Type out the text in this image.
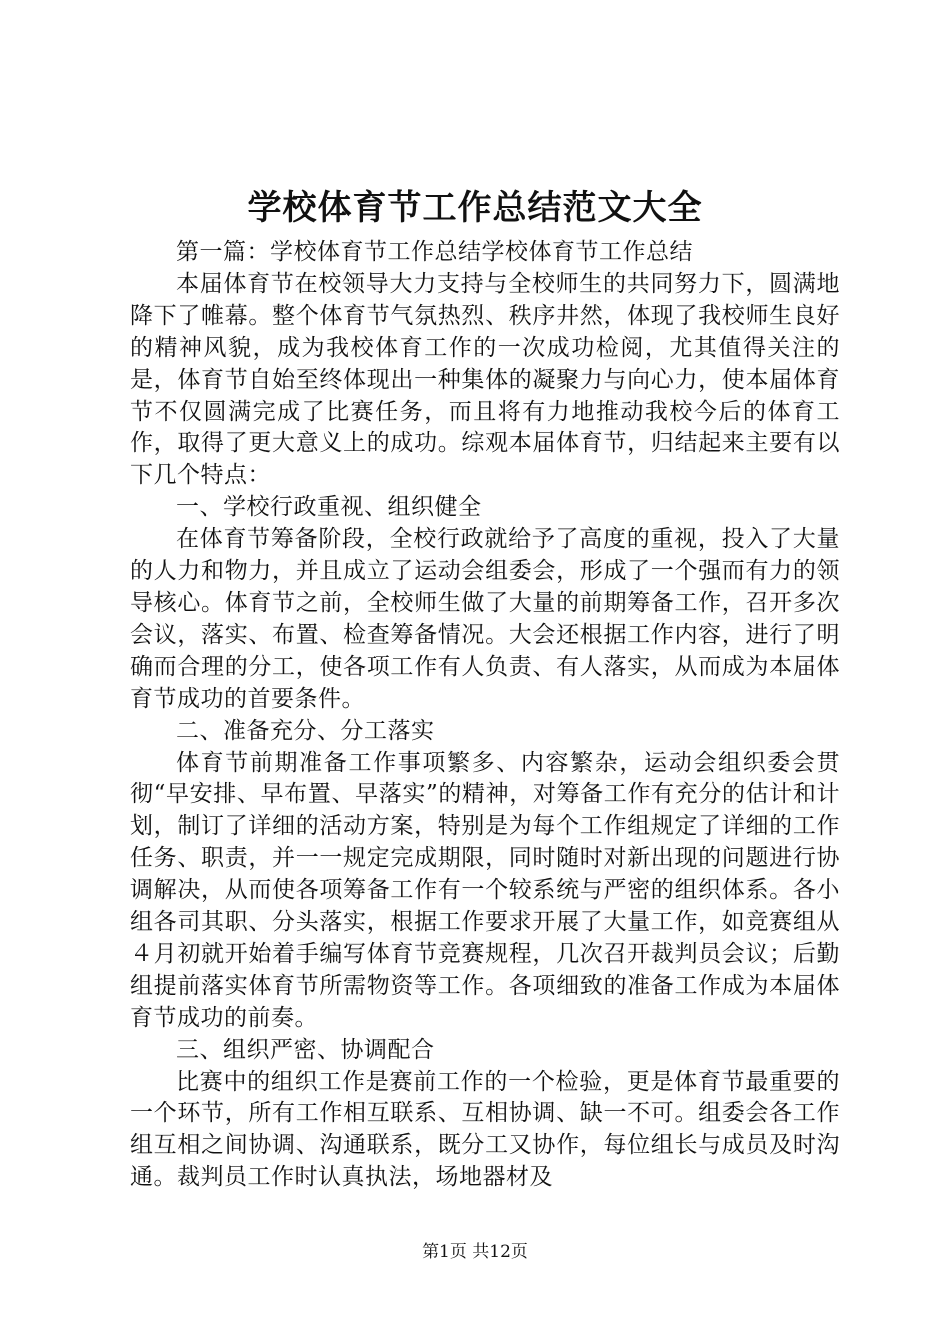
学校体育节工作总结范文大全

第一篇：学校体育节工作总结学校体育节工作总结

本届体育节在校领导大力支持与全校师生的共同努力下，圆满地降下了帷幕。整个体育节气氛热烈、秩序井然，体现了我校师生良好的精神风貌，成为我校体育工作的一次成功检阅，尤其值得关注的是，体育节自始至终体现出一种集体的凝聚力与向心力，使本届体育节不仅圆满完成了比赛任务，而且将有力地推动我校今后的体育工作，取得了更大意义上的成功。综观本届体育节，归结起来主要有以下几个特点：

一、学校行政重视、组织健全

在体育节筹备阶段，全校行政就给予了高度的重视，投入了大量的人力和物力，并且成立了运动会组委会，形成了一个强而有力的领导核心。体育节之前，全校师生做了大量的前期筹备工作，召开多次会议，落实、布置、检查筹备情况。大会还根据工作内容，进行了明确而合理的分工，使各项工作有人负责、有人落实，从而成为本届体育节成功的首要条件。

二、准备充分、分工落实

体育节前期准备工作事项繁多、内容繁杂，运动会组织委会贯彻“早安排、早布置、早落实”的精神，对筹备工作有充分的估计和计划，制订了详细的活动方案，特别是为每个工作组规定了详细的工作任务、职责，并一一规定完成期限，同时随时对新出现的问题进行协调解决，从而使各项筹备工作有一个较系统与严密的组织体系。各小组各司其职、分头落实，根据工作要求开展了大量工作，如竞赛组从４月初就开始着手编写体育节竞赛规程，几次召开裁判员会议；后勤组提前落实体育节所需物资等工作。各项细致的准备工作成为本届体育节成功的前奏。

三、组织严密、协调配合

比赛中的组织工作是赛前工作的一个检验，更是体育节最重要的一个环节，所有工作相互联系、互相协调、缺一不可。组委会各工作组互相之间协调、沟通联系，既分工又协作，每位组长与成员及时沟通。裁判员工作时认真执法，场地器材及

第1页 共12页
